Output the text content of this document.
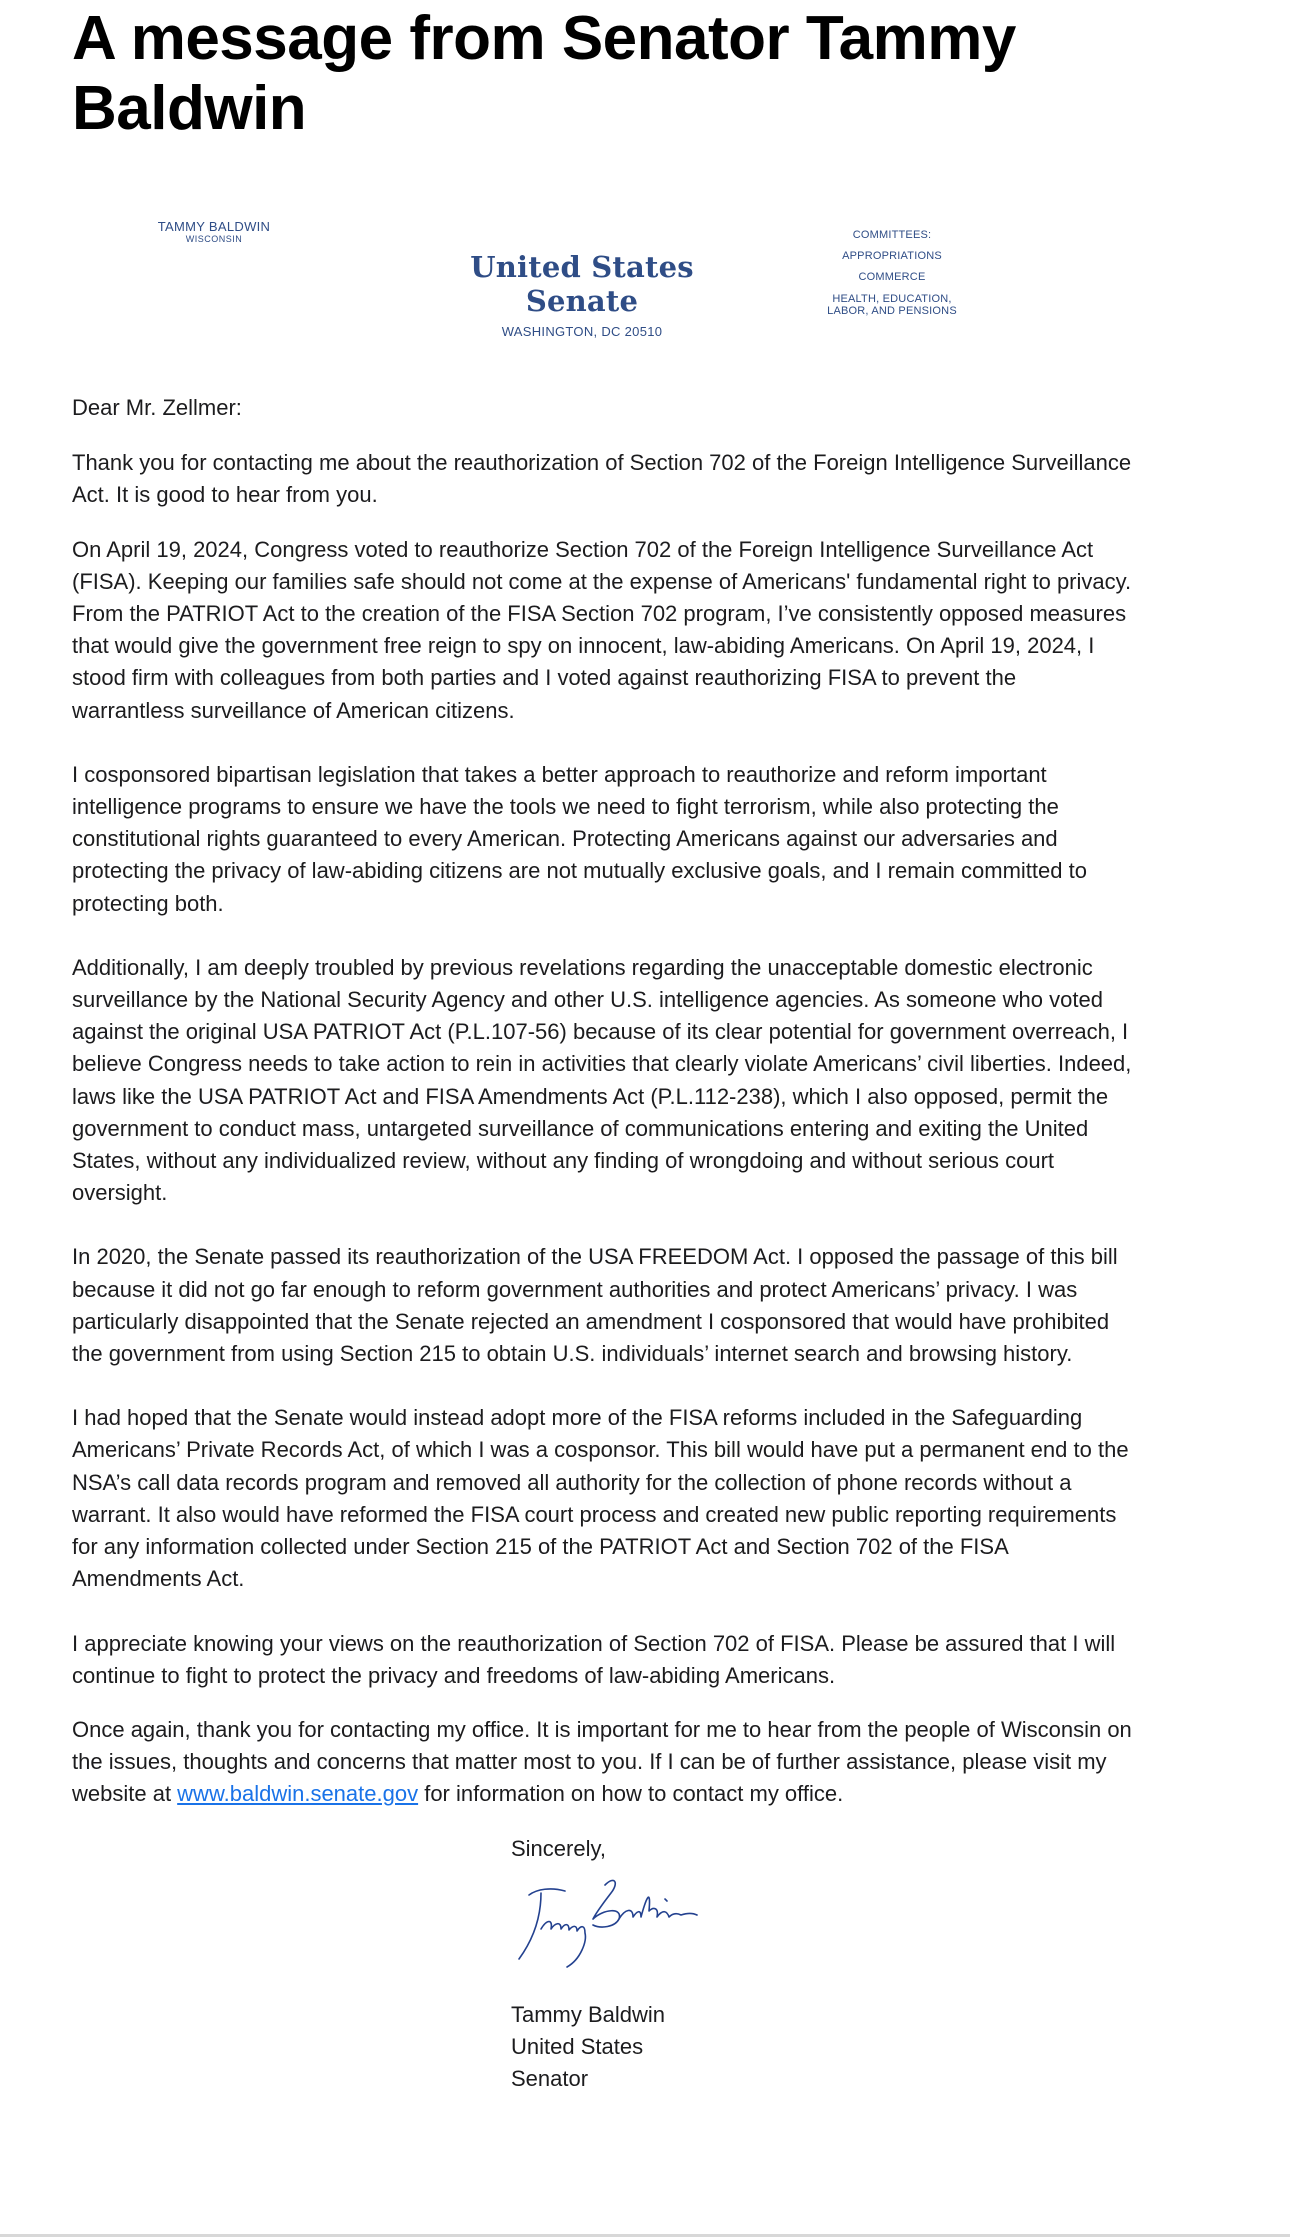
A message from Senator Tammy Baldwin
TAMMY BALDWIN
WISCONSIN
United States Senate
WASHINGTON, DC 20510
COMMITTEES:
APPROPRIATIONS
COMMERCE
HEALTH, EDUCATION, LABOR, AND PENSIONS

Dear Mr. Zellmer:

Thank you for contacting me about the reauthorization of Section 702 of the Foreign Intelligence Surveillance Act. It is good to hear from you.

On April 19, 2024, Congress voted to reauthorize Section 702 of the Foreign Intelligence Surveillance Act (FISA). Keeping our families safe should not come at the expense of Americans' fundamental right to privacy. From the PATRIOT Act to the creation of the FISA Section 702 program, I’ve consistently opposed measures that would give the government free reign to spy on innocent, law-abiding Americans. On April 19, 2024, I stood firm with colleagues from both parties and I voted against reauthorizing FISA to prevent the warrantless surveillance of American citizens.

I cosponsored bipartisan legislation that takes a better approach to reauthorize and reform important intelligence programs to ensure we have the tools we need to fight terrorism, while also protecting the constitutional rights guaranteed to every American. Protecting Americans against our adversaries and protecting the privacy of law-abiding citizens are not mutually exclusive goals, and I remain committed to protecting both.

Additionally, I am deeply troubled by previous revelations regarding the unacceptable domestic electronic surveillance by the National Security Agency and other U.S. intelligence agencies. As someone who voted against the original USA PATRIOT Act (P.L.107-56) because of its clear potential for government overreach, I believe Congress needs to take action to rein in activities that clearly violate Americans’ civil liberties. Indeed, laws like the USA PATRIOT Act and FISA Amendments Act (P.L.112-238), which I also opposed, permit the government to conduct mass, untargeted surveillance of communications entering and exiting the United States, without any individualized review, without any finding of wrongdoing and without serious court oversight.

In 2020, the Senate passed its reauthorization of the USA FREEDOM Act. I opposed the passage of this bill because it did not go far enough to reform government authorities and protect Americans’ privacy. I was particularly disappointed that the Senate rejected an amendment I cosponsored that would have prohibited the government from using Section 215 to obtain U.S. individuals’ internet search and browsing history.

I had hoped that the Senate would instead adopt more of the FISA reforms included in the Safeguarding Americans’ Private Records Act, of which I was a cosponsor. This bill would have put a permanent end to the NSA’s call data records program and removed all authority for the collection of phone records without a warrant. It also would have reformed the FISA court process and created new public reporting requirements for any information collected under Section 215 of the PATRIOT Act and Section 702 of the FISA Amendments Act.

I appreciate knowing your views on the reauthorization of Section 702 of FISA. Please be assured that I will continue to fight to protect the privacy and freedoms of law-abiding Americans.

Once again, thank you for contacting my office. It is important for me to hear from the people of Wisconsin on the issues, thoughts and concerns that matter most to you. If I can be of further assistance, please visit my website at www.baldwin.senate.gov for information on how to contact my office.

Sincerely,
Tammy Baldwin
United States
Senator
